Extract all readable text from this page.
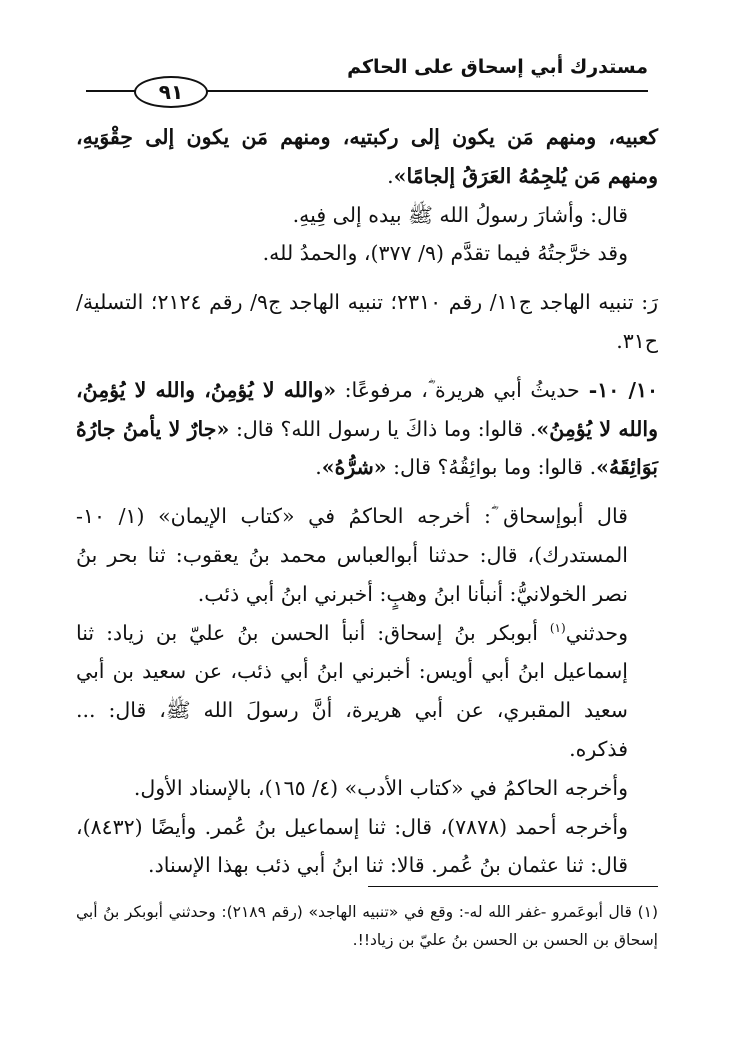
مستدرك أبي إسحاق على الحاكم
٩١

كعبيه، ومنهم مَن يكون إلى ركبتيه، ومنهم مَن يكون إلى حِقْوَيهِ، ومنهم مَن يُلجِمُهُ العَرَقُ إلجامًا».

قال: وأشارَ رسولُ الله ﷺ بيده إلى فِيهِ.

وقد خرَّجتُهُ فيما تقدَّم (٩/ ٣٧٧)، والحمدُ لله.

رَ: تنبيه الهاجد ج١١/ رقم ٢٣١٠؛ تنبيه الهاجد ج٩/ رقم ٢١٢٤؛ التسلية/ ح٣١.

١٠/ ١٠- حديثُ أبي هريرة ؓ، مرفوعًا: «والله لا يُؤمِنُ، والله لا يُؤمِنُ، والله لا يُؤمِنُ». قالوا: وما ذاكَ يا رسول الله؟ قال: «جارٌ لا يأمنُ جارُهُ بَوَائِقَهُ». قالوا: وما بوائِقُهُ؟ قال: «شرُّهُ».

قال أبوإسحاق ؓ: أخرجه الحاكمُ في «كتاب الإيمان» (١/ ١٠- المستدرك)، قال: حدثنا أبوالعباس محمد بنُ يعقوب: ثنا بحر بنُ نصر الخولانيُّ: أنبأنا ابنُ وهبٍ: أخبرني ابنُ أبي ذئب.

وحدثني$^{(١)}$ أبوبكر بنُ إسحاق: أنبأ الحسن بنُ عليّ بن زياد: ثنا إسماعيل ابنُ أبي أويس: أخبرني ابنُ أبي ذئب، عن سعيد بن أبي سعيد المقبري، عن أبي هريرة، أنَّ رسولَ الله ﷺ، قال: ... فذكره.

وأخرجه الحاكمُ في «كتاب الأدب» (٤/ ١٦٥)، بالإسناد الأول.

وأخرجه أحمد (٧٨٧٨)، قال: ثنا إسماعيل بنُ عُمر. وأيضًا (٨٤٣٢)، قال: ثنا عثمان بنُ عُمر. قالا: ثنا ابنُ أبي ذئب بهذا الإسناد.

(١) قال أبوعَمرو -غفر الله له-: وقع في «تنبيه الهاجد» (رقم ٢١٨٩): وحدثني أبوبكر بنُ أبي إسحاق بن الحسن بن الحسن بنُ عليّ بن زياد!!.
